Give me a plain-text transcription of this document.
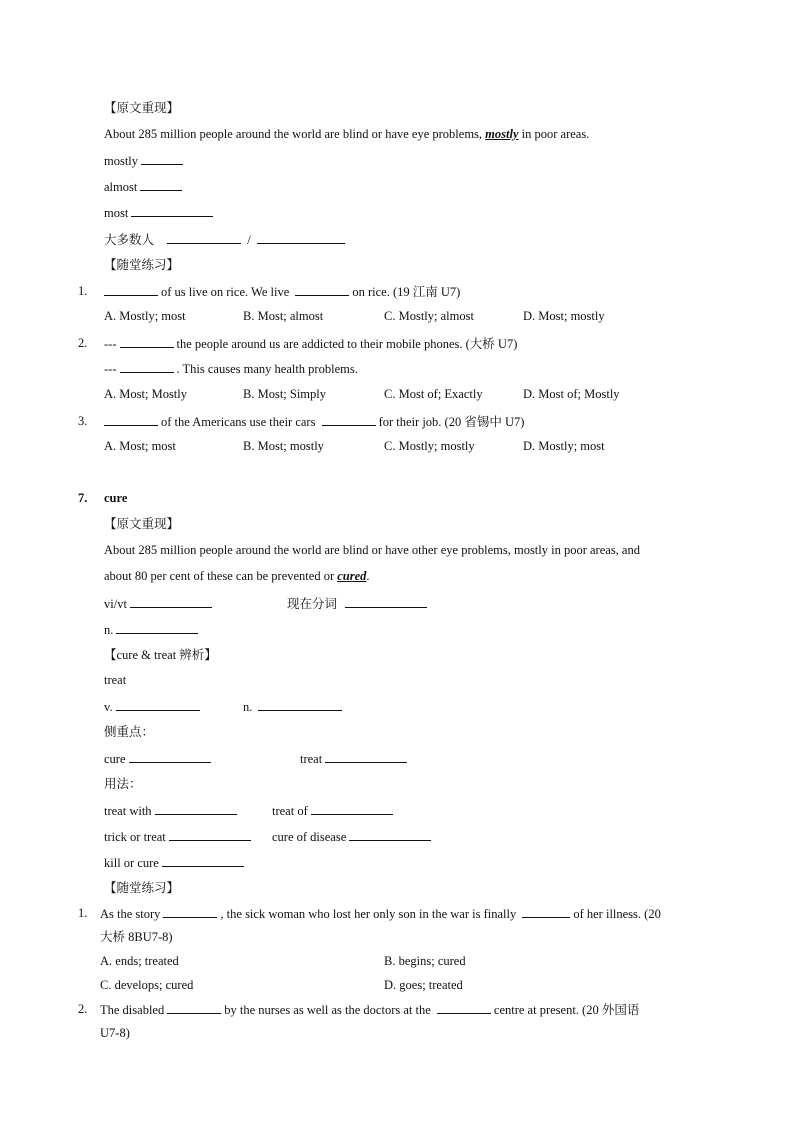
【原文重现】
About 285 million people around the world are blind or have eye problems, mostly in poor areas.
mostly
almost
most
大多数人	/
【随堂练习】
1.	of us live on rice. We live	on rice. (19 江南 U7)
A. Mostly; most	B. Most; almost	C. Mostly; almost	D. Most; mostly
2. ---	the people around us are addicted to their mobile phones. (大桥 U7)
---	. This causes many health problems.
A. Most; Mostly	B. Most; Simply	C. Most of; Exactly	D. Most of; Mostly
3.	of the Americans use their cars	for their job. (20 省锡中 U7)
A. Most; most	B. Most; mostly	C. Mostly; mostly	D. Mostly; most
7. cure
【原文重现】
About 285 million people around the world are blind or have other eye problems, mostly in poor areas, and
about 80 per cent of these can be prevented or cured.
vi/vt	现在分词
n.
【cure & treat 辨析】
treat
v.	n.
侧重点：
cure	treat
用法：
treat with	treat of
trick or treat	cure of disease
kill or cure
【随堂练习】
1. As the story	, the sick woman who lost her only son in the war is finally	of her illness. (20
大桥 8BU7-8)
A. ends; treated	B. begins; cured
C. develops; cured	D. goes; treated
2. The disabled	by the nurses as well as the doctors at the	centre at present. (20 外国语
U7-8)
